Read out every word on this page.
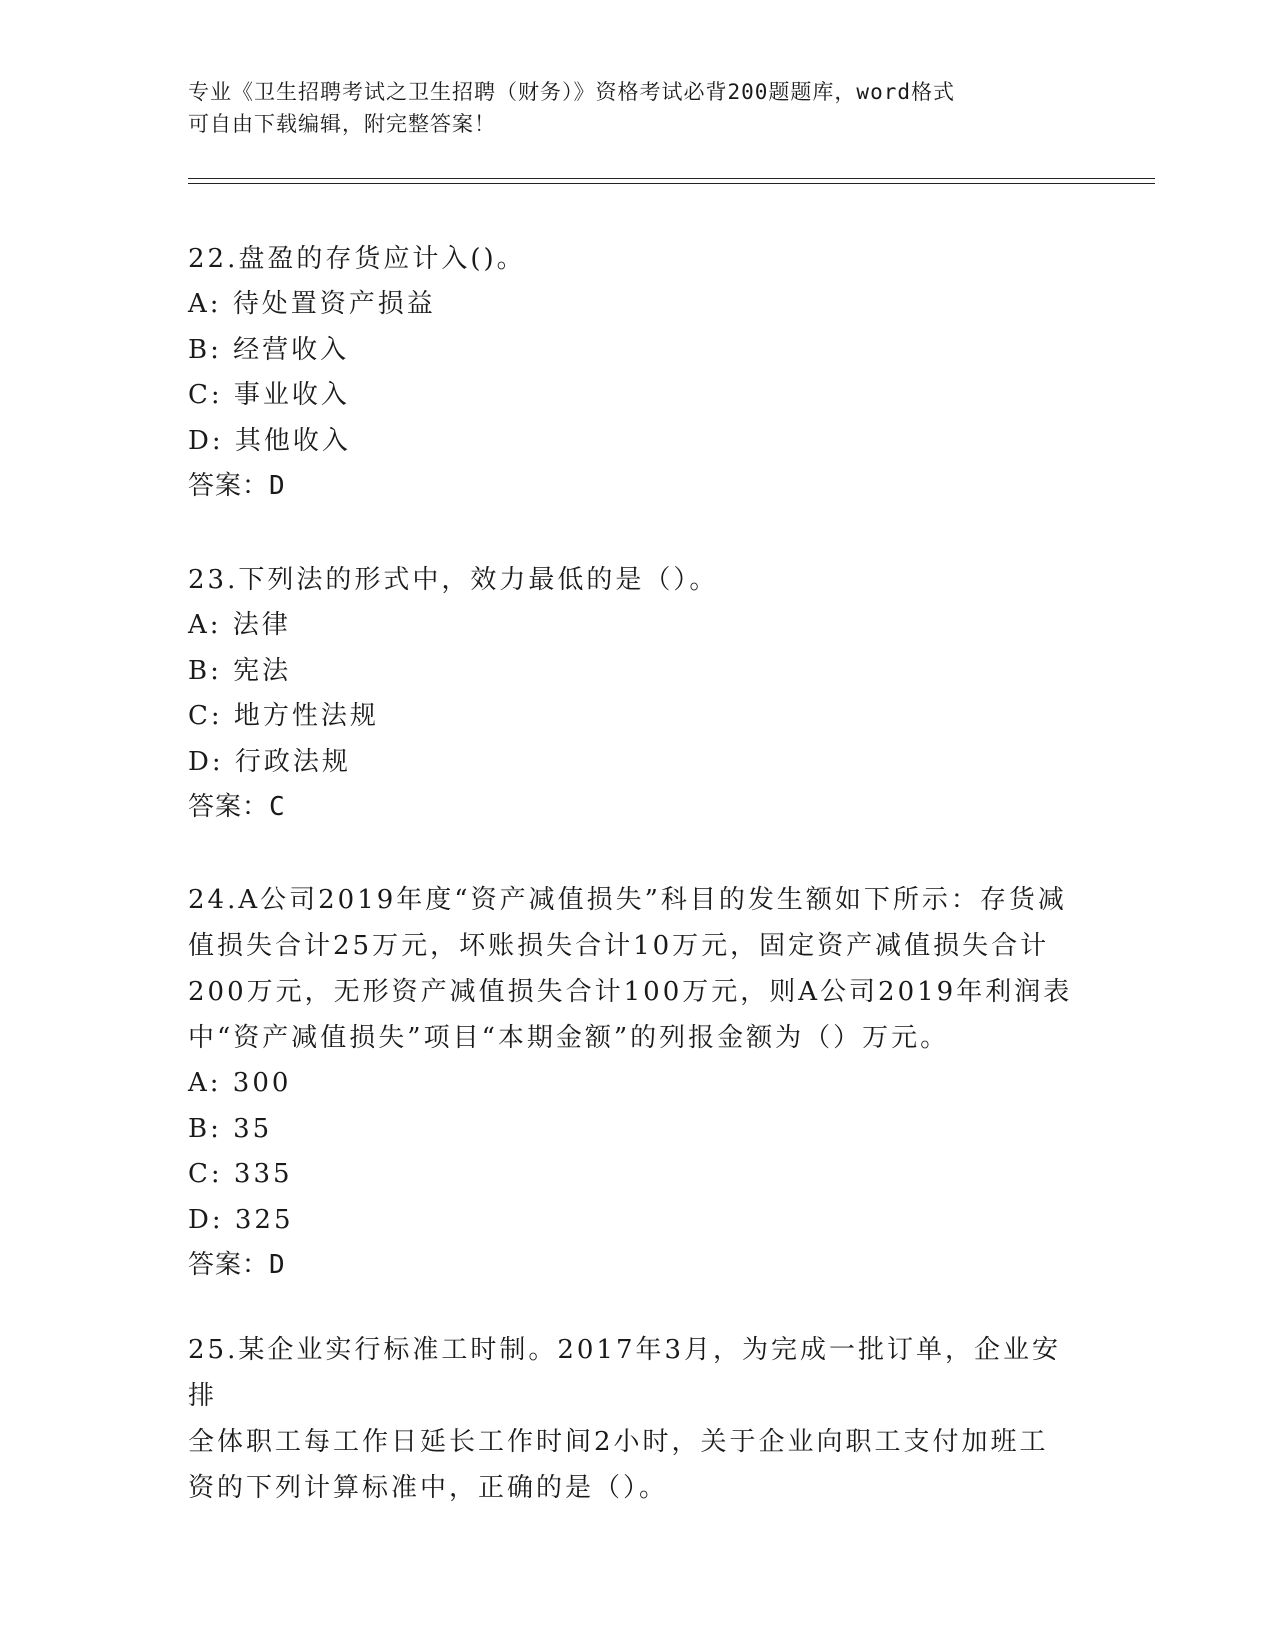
专业《卫生招聘考试之卫生招聘（财务）》资格考试必背200题题库，word格式
可自由下载编辑，附完整答案！

22.盘盈的存货应计入()。

A: 待处置资产损益

B: 经营收入

C: 事业收入

D: 其他收入

答案：D

23.下列法的形式中，效力最低的是（）。

A: 法律

B: 宪法

C: 地方性法规

D: 行政法规

答案：C

24.A公司2019年度“资产减值损失”科目的发生额如下所示：存货减

值损失合计25万元，坏账损失合计10万元，固定资产减值损失合计

200万元，无形资产减值损失合计100万元，则A公司2019年利润表

中“资产减值损失”项目“本期金额”的列报金额为（）万元。

A: 300

B: 35

C: 335

D: 325

答案：D

25.某企业实行标准工时制。2017年3月，为完成一批订单，企业安排

全体职工每工作日延长工作时间2小时，关于企业向职工支付加班工

资的下列计算标准中，正确的是（）。
